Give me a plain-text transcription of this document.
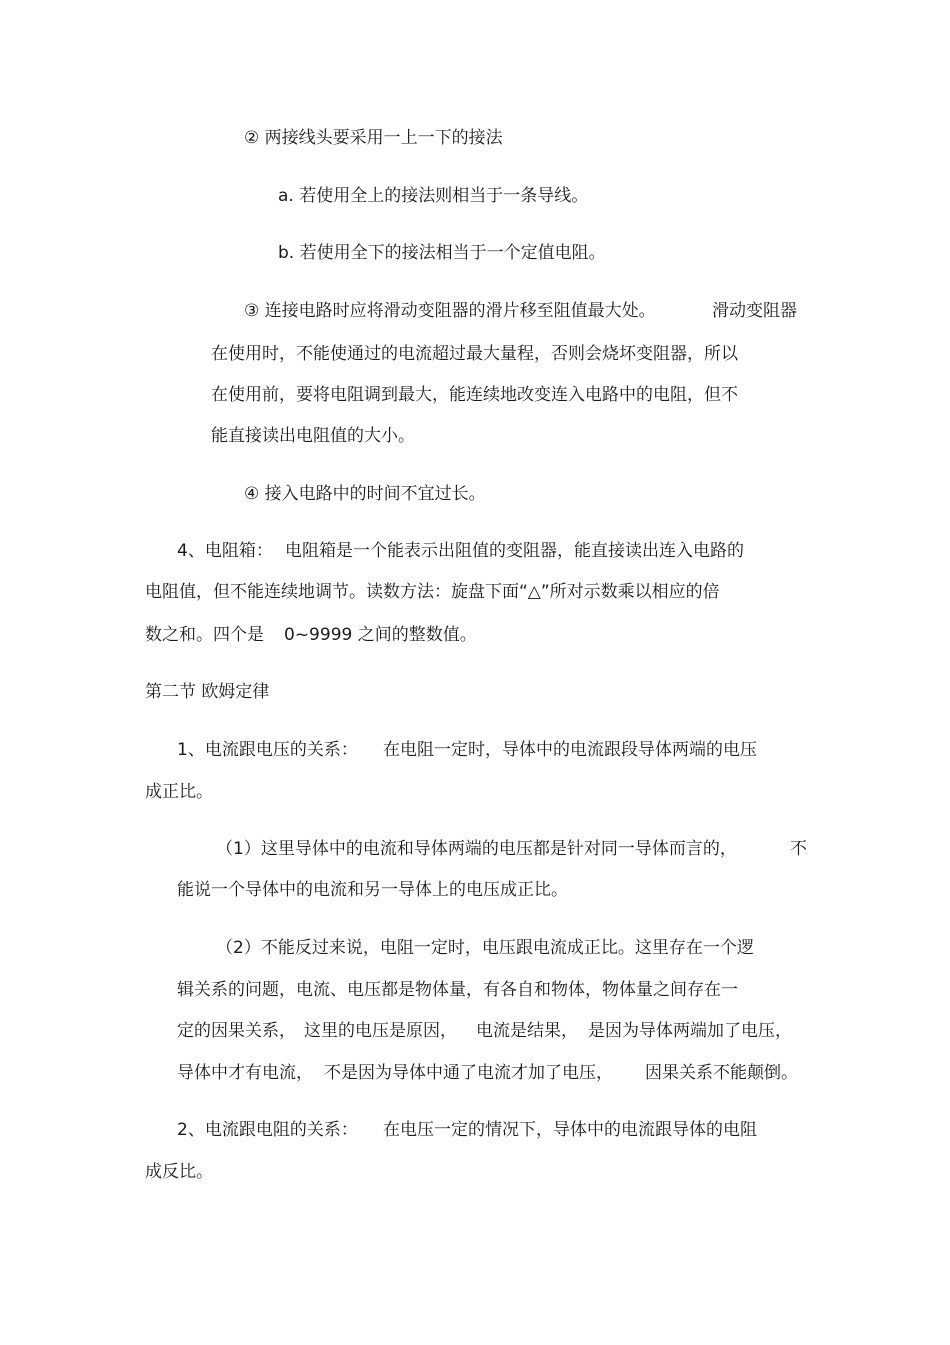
② 两接线头要采用一上一下的接法

a. 若使用全上的接法则相当于一条导线。

b. 若使用全下的接法相当于一个定值电阻。

③ 连接电路时应将滑动变阻器的滑片移至阻值最大处。	滑动变阻器

在使用时，不能使通过的电流超过最大量程，否则会烧坏变阻器，所以

在使用前，要将电阻调到最大，能连续地改变连入电路中的电阻，但不

能直接读出电阻值的大小。

④ 接入电路中的时间不宜过长。

4、电阻箱： 电阻箱是一个能表示出阻值的变阻器，能直接读出连入电路的

电阻值，但不能连续地调节。读数方法：旋盘下面“△”所对示数乘以相应的倍

数之和。四个是 0~9999 之间的整数值。

第二节 欧姆定律

1、电流跟电压的关系： 在电阻一定时，导体中的电流跟段导体两端的电压

成正比。

（1）这里导体中的电流和导体两端的电压都是针对同一导体而言的，	不

能说一个导体中的电流和另一导体上的电压成正比。

（2）不能反过来说，电阻一定时，电压跟电流成正比。这里存在一个逻

辑关系的问题，电流、电压都是物体量，有各自和物体，物体量之间存在一

定的因果关系， 这里的电压是原因， 电流是结果， 是因为导体两端加了电压，

导体中才有电流， 不是因为导体中通了电流才加了电压， 因果关系不能颠倒。

2、电流跟电阻的关系： 在电压一定的情况下，导体中的电流跟导体的电阻

成反比。
